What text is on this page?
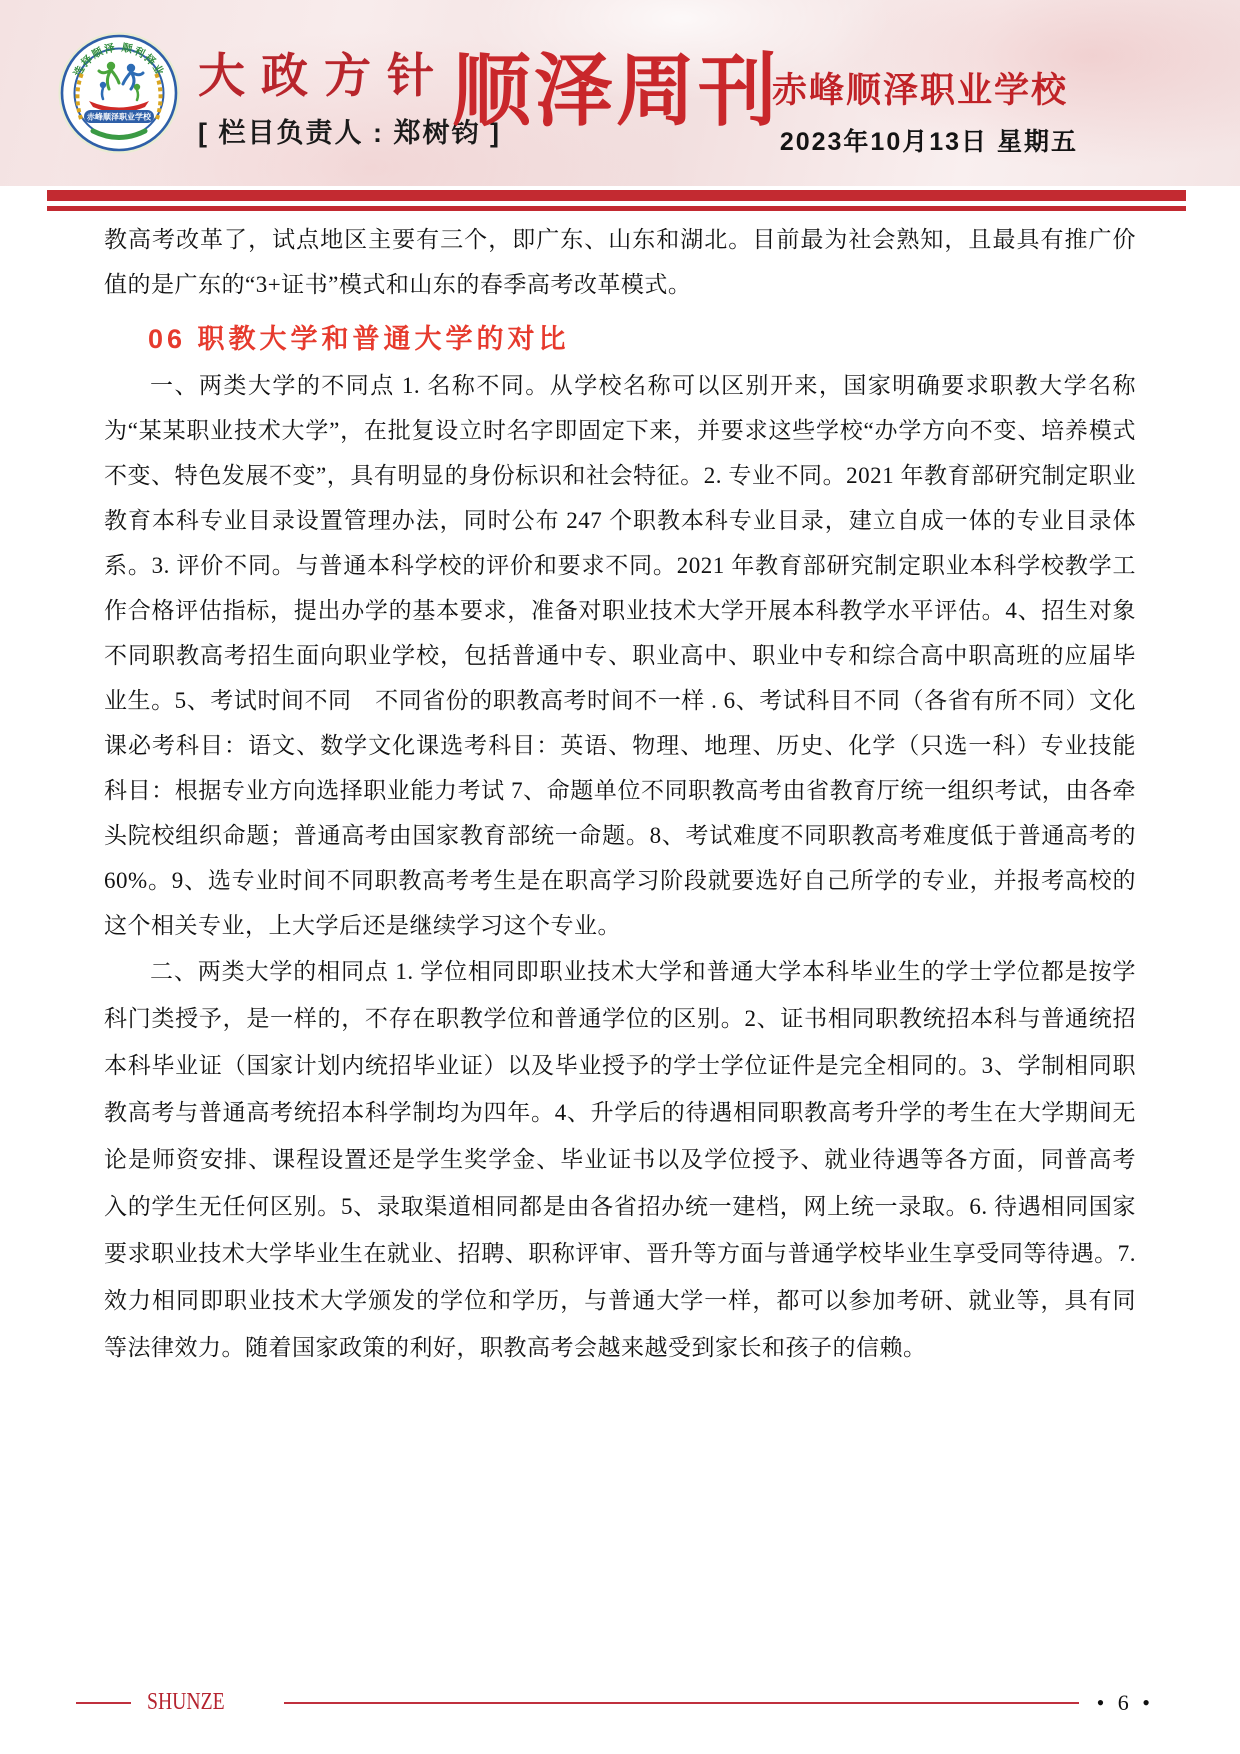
选择顺泽 顺利择业
赤峰顺泽职业学校
大政方针
[ 栏目负责人 : 郑树钧 ]
顺泽周刊
赤峰顺泽职业学校
2023年10月13日 星期五

教高考改革了，试点地区主要有三个，即广东、山东和湖北。目前最为社会熟知，且最具有推广价值的是广东的“3+证书”模式和山东的春季高考改革模式。

06 职教大学和普通大学的对比

一、两类大学的不同点 1. 名称不同。从学校名称可以区别开来，国家明确要求职教大学名称为“某某职业技术大学”，在批复设立时名字即固定下来，并要求这些学校“办学方向不变、培养模式不变、特色发展不变”，具有明显的身份标识和社会特征。2. 专业不同。2021 年教育部研究制定职业教育本科专业目录设置管理办法，同时公布 247 个职教本科专业目录，建立自成一体的专业目录体系。3. 评价不同。与普通本科学校的评价和要求不同。2021 年教育部研究制定职业本科学校教学工作合格评估指标，提出办学的基本要求，准备对职业技术大学开展本科教学水平评估。4、招生对象不同职教高考招生面向职业学校，包括普通中专、职业高中、职业中专和综合高中职高班的应届毕业生。5、考试时间不同　不同省份的职教高考时间不一样 . 6、考试科目不同（各省有所不同）文化课必考科目：语文、数学文化课选考科目：英语、物理、地理、历史、化学（只选一科）专业技能科目：根据专业方向选择职业能力考试 7、命题单位不同职教高考由省教育厅统一组织考试，由各牵头院校组织命题；普通高考由国家教育部统一命题。8、考试难度不同职教高考难度低于普通高考的 60%。9、选专业时间不同职教高考考生是在职高学习阶段就要选好自己所学的专业，并报考高校的这个相关专业，上大学后还是继续学习这个专业。

二、两类大学的相同点 1. 学位相同即职业技术大学和普通大学本科毕业生的学士学位都是按学科门类授予，是一样的，不存在职教学位和普通学位的区别。2、证书相同职教统招本科与普通统招本科毕业证（国家计划内统招毕业证）以及毕业授予的学士学位证件是完全相同的。3、学制相同职教高考与普通高考统招本科学制均为四年。4、升学后的待遇相同职教高考升学的考生在大学期间无论是师资安排、课程设置还是学生奖学金、毕业证书以及学位授予、就业待遇等各方面，同普高考入的学生无任何区别。5、录取渠道相同都是由各省招办统一建档，网上统一录取。6. 待遇相同国家要求职业技术大学毕业生在就业、招聘、职称评审、晋升等方面与普通学校毕业生享受同等待遇。7. 效力相同即职业技术大学颁发的学位和学历，与普通大学一样，都可以参加考研、就业等，具有同等法律效力。随着国家政策的利好，职教高考会越来越受到家长和孩子的信赖。

SHUNZE	• 6 •
